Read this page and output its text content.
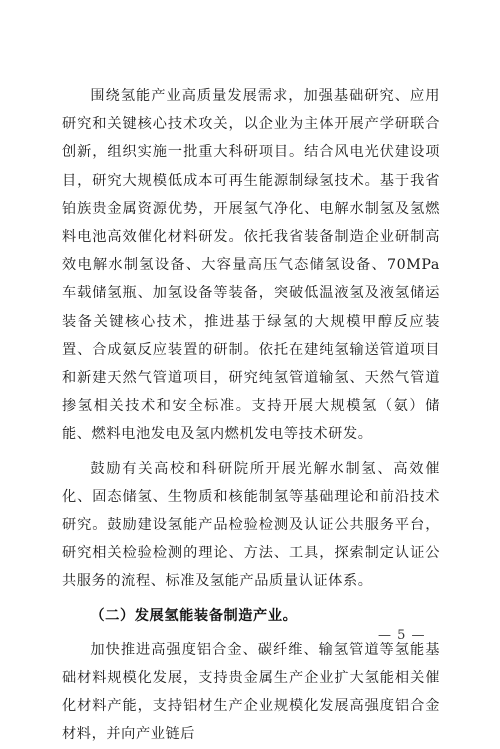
围绕氢能产业高质量发展需求，加强基础研究、应用研究和关键核心技术攻关，以企业为主体开展产学研联合创新，组织实施一批重大科研项目。结合风电光伏建设项目，研究大规模低成本可再生能源制绿氢技术。基于我省铂族贵金属资源优势，开展氢气净化、电解水制氢及氢燃料电池高效催化材料研发。依托我省装备制造企业研制高效电解水制氢设备、大容量高压气态储氢设备、70MPa车载储氢瓶、加氢设备等装备，突破低温液氢及液氢储运装备关键核心技术，推进基于绿氢的大规模甲醇反应装置、合成氨反应装置的研制。依托在建纯氢输送管道项目和新建天然气管道项目，研究纯氢管道输氢、天然气管道掺氢相关技术和安全标准。支持开展大规模氢（氨）储能、燃料电池发电及氢内燃机发电等技术研发。

鼓励有关高校和科研院所开展光解水制氢、高效催化、固态储氢、生物质和核能制氢等基础理论和前沿技术研究。鼓励建设氢能产品检验检测及认证公共服务平台，研究相关检验检测的理论、方法、工具，探索制定认证公共服务的流程、标准及氢能产品质量认证体系。

（二）发展氢能装备制造产业。

加快推进高强度铝合金、碳纤维、输氢管道等氢能基础材料规模化发展，支持贵金属生产企业扩大氢能相关催化材料产能，支持铝材生产企业规模化发展高强度铝合金材料，并向产业链后

— 5 —
